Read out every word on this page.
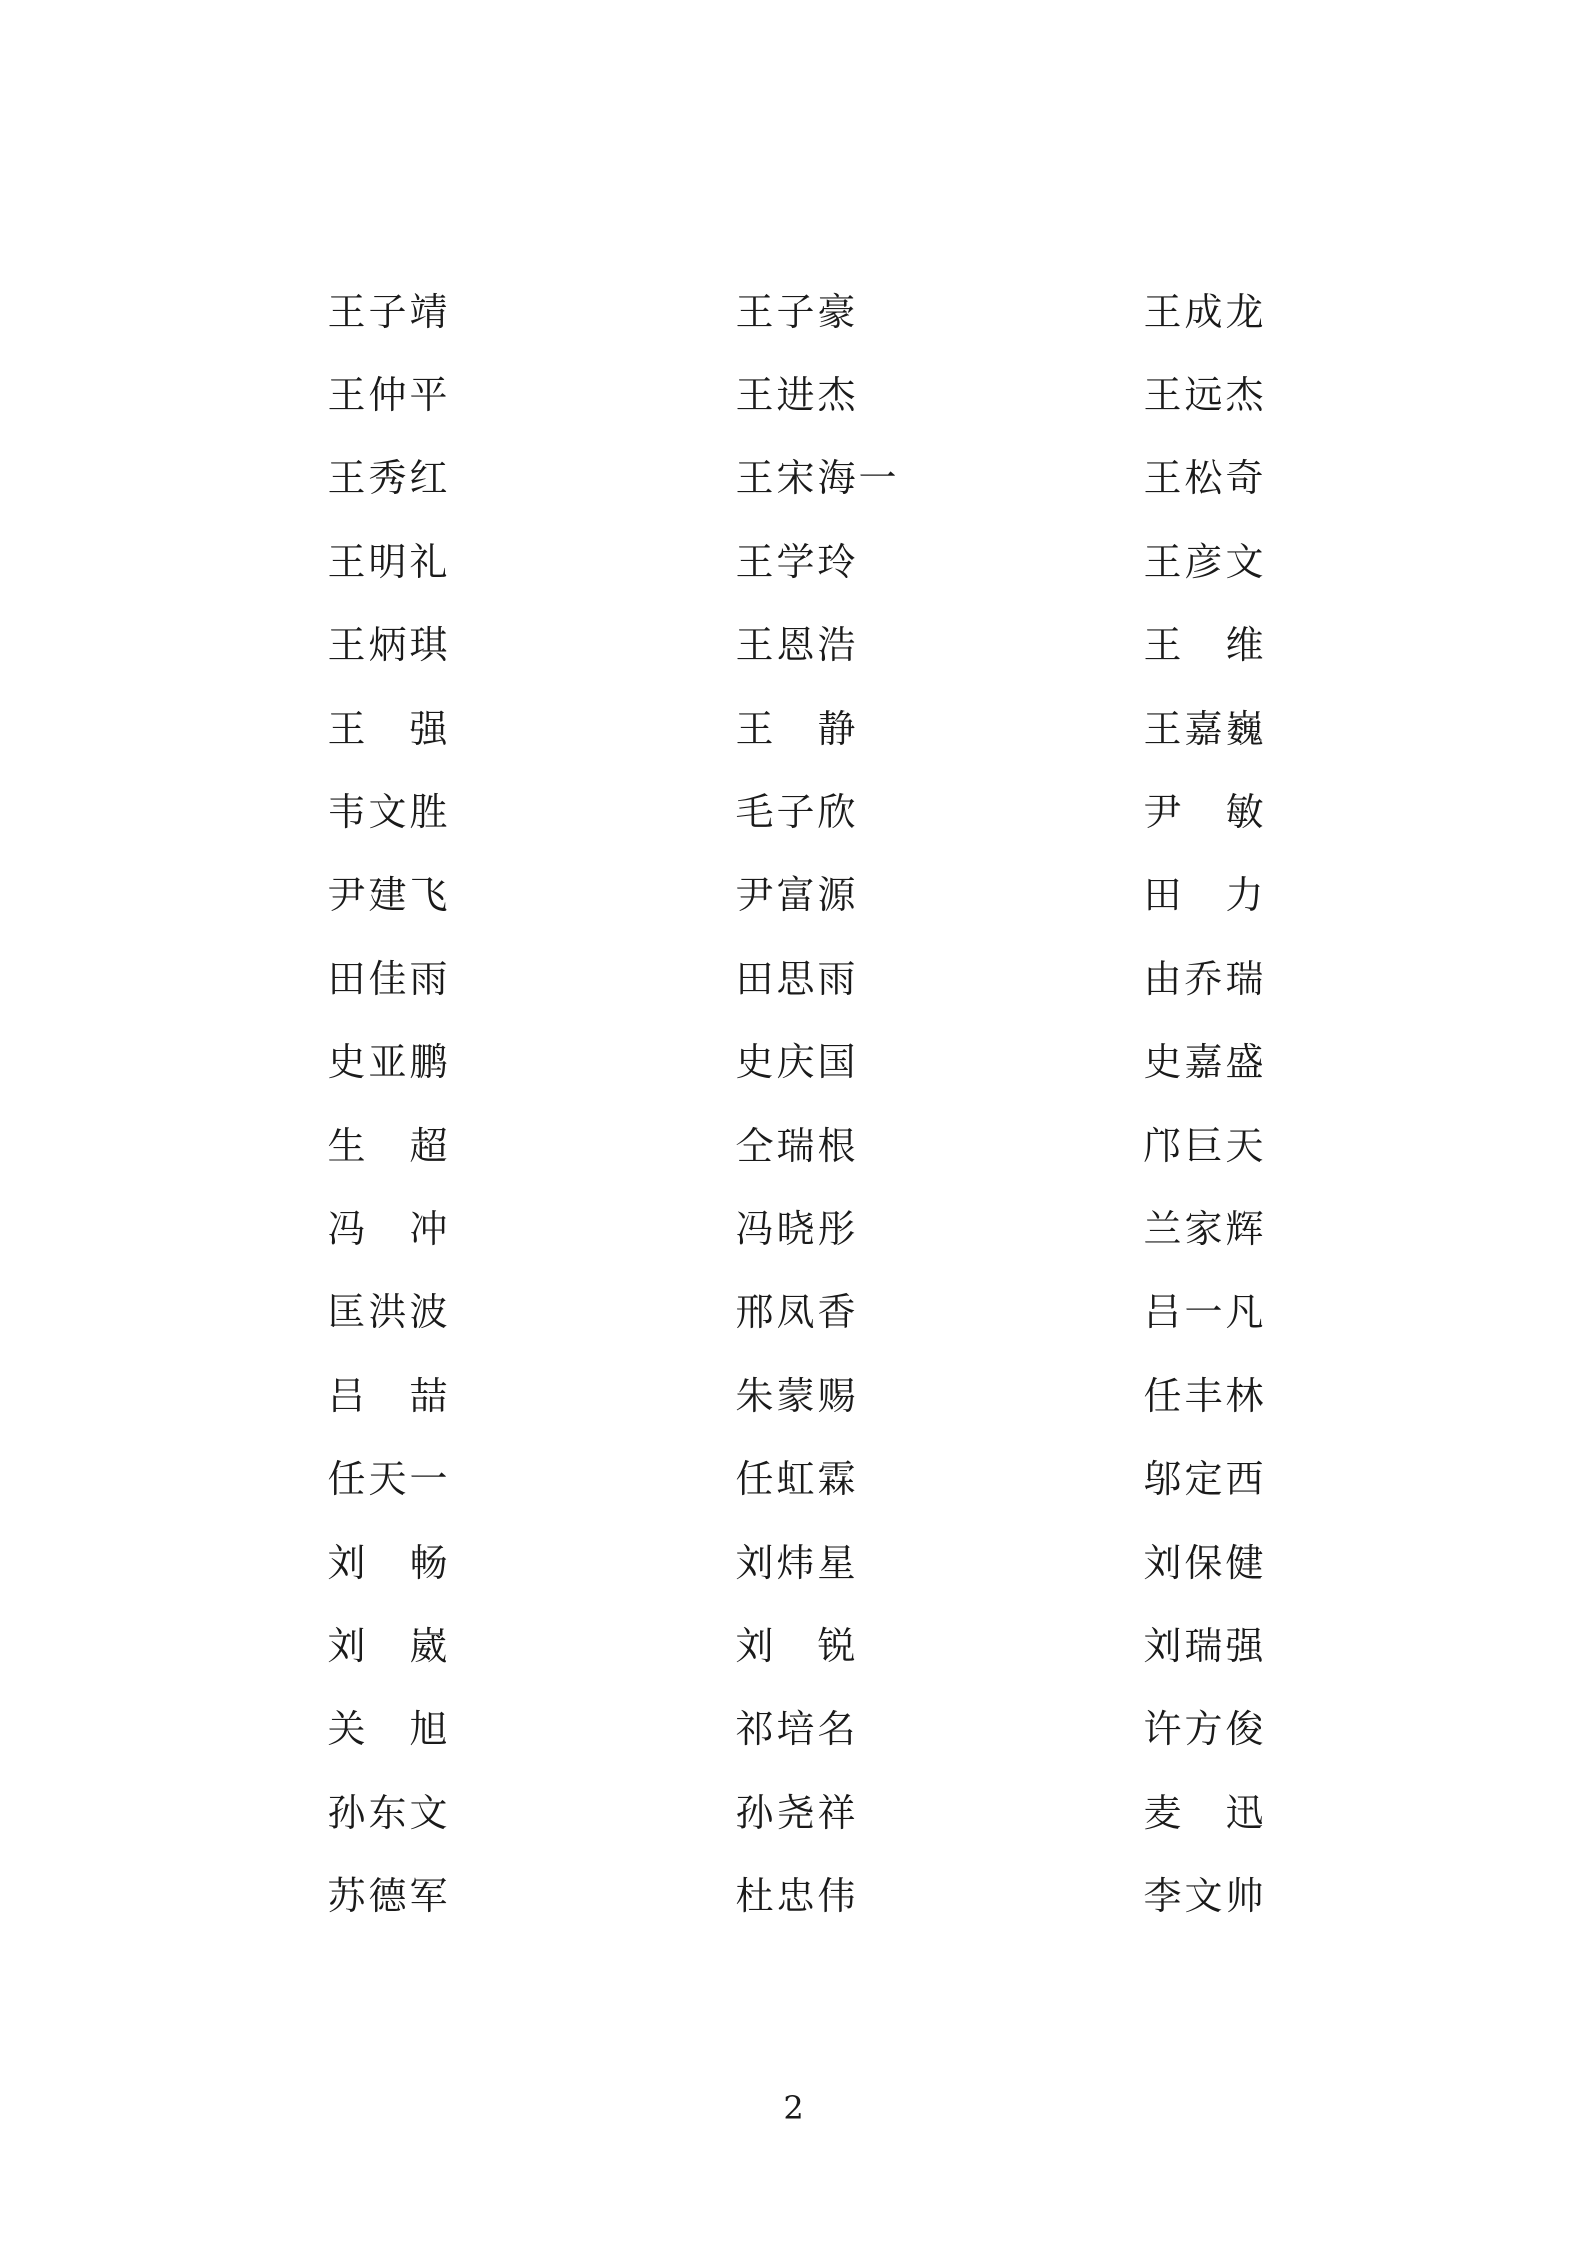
王 子 靖	王 子 豪	王 成 龙
王 仲 平	王 进 杰	王 远 杰
王 秀 红	王 宋 海 一	王 松 奇
王 明 礼	王 学 玲	王 彦 文
王 炳 琪	王 恩 浩	王 维
王 强	王 静	王 嘉 巍
韦 文 胜	毛 子 欣	尹 敏
尹 建 飞	尹 富 源	田 力
田 佳 雨	田 思 雨	由 乔 瑞
史 亚 鹏	史 庆 国	史 嘉 盛
生 超	仝 瑞 根	邝 巨 天
冯 冲	冯 晓 彤	兰 家 辉
匡 洪 波	邢 凤 香	吕 一 凡
吕 喆	朱 蒙 赐	任 丰 林
任 天 一	任 虹 霖	邬 定 西
刘 畅	刘 炜 星	刘 保 健
刘 崴	刘 锐	刘 瑞 强
关 旭	祁 培 名	许 方 俊
孙 东 文	孙 尧 祥	麦 迅
苏 德 军	杜 忠 伟	李 文 帅
2
